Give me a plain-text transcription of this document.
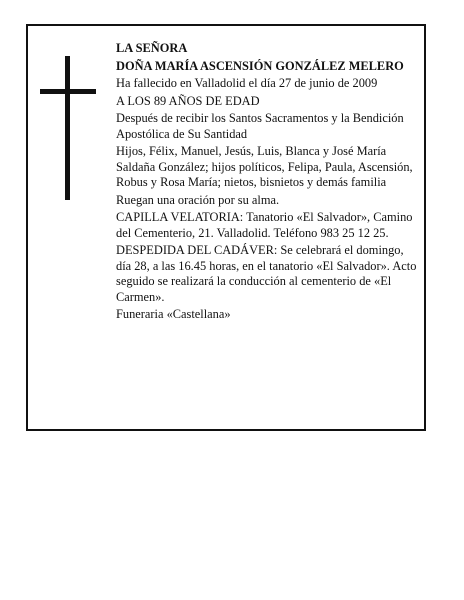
LA SEÑORA

DOÑA MARÍA ASCENSIÓN GONZÁLEZ MELERO

Ha fallecido en Valladolid el día 27 de junio de 2009

A LOS 89 AÑOS DE EDAD

Después de recibir los Santos Sacramentos y la Bendición Apostólica de Su Santidad

Hijos, Félix, Manuel, Jesús, Luis, Blanca y José María Saldaña González; hijos políticos, Felipa, Paula, Ascensión, Robus y Rosa María; nietos, bisnietos y demás familia

Ruegan una oración por su alma.

CAPILLA VELATORIA: Tanatorio «El Salvador», Camino del Cementerio, 21. Valladolid. Teléfono 983 25 12 25.

DESPEDIDA DEL CADÁVER: Se celebrará el domingo, día 28, a las 16.45 horas, en el tanatorio «El Salvador». Acto seguido se realizará la conducción al cementerio de «El Carmen».

Funeraria «Castellana»
